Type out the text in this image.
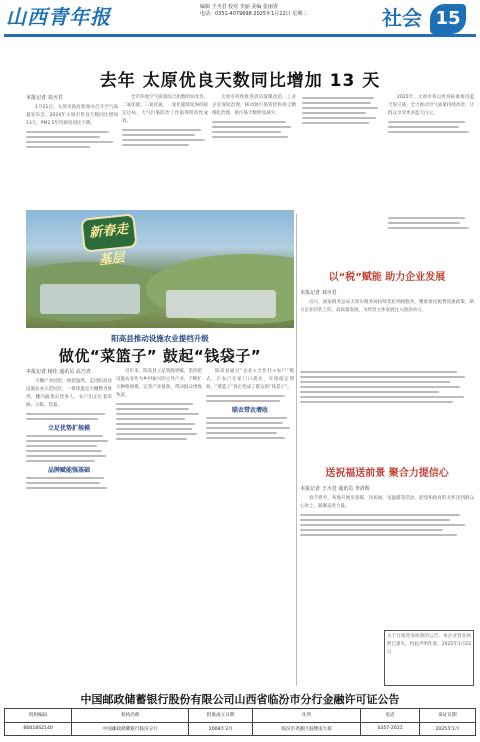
山西青年报	编辑 王丞君 校对 李丽 美编 张丽香
电话：0351-4079698 2025年1月22日 星期三	社会 15
去年 太原优良天数同比增加 13 天
本报记者 刘丞君

1月21日，太原市政府新闻办召开空气质量发布会。2024年太原市优良天数同比增加13天，PM2.5年均浓度同比下降。

全市环境空气质量综合指数明显改善，二氧化硫、二氧化氮、一氧化碳浓度保持稳定达标，大气污染防治工作取得阶段性成效。

太原市持续推进清洁取暖改造、工业企业深度治理、移动源污染管控和扬尘精细化治理，重污染天数明显减少。

2025年，太原市将以更高标准推进蓝天保卫战，全力推动空气质量持续改善，让群众享受更多蓝天白云。

新春走基层
阳高县推动设施农业提档升级
做优“菜篮子” 鼓起“钱袋子”
本报记者 杨佳 通讯员 高乃青

大棚产业园里，绿意盎然。走进阳高县设施农业示范园区，一排排温室大棚整齐排列，棚内蔬菜长势喜人，农户们正忙着采摘、分拣、装箱。

立足优势扩规模
品牌赋能强基础

近年来，阳高县立足资源禀赋，坚持把设施农业作为乡村振兴的主导产业，不断扩大种植规模，完善产业链条，带动群众增收致富。

阳高县通过“企业+合作社+农户”模式，让农户在家门口就业，实现稳定增收，“菜篮子”真正变成了群众的“钱袋子”。

联农带农增收
以“税”赋能 助力企业发展
本报记者 刘丞君

近日，国家税务总局太原市税务局持续优化纳税服务，精准推送税费优惠政策，助力企业轻装上阵、高质量发展，为经营主体发展注入强劲动力。

送祝福送前景 聚合力提信心
本报记者 王丞君 通讯员 李清晖

春节将至，各地开展送春联、送祝福、送温暖等活动，把党和政府的关怀送到群众心坎上，凝聚奋进力量。

关于注销营业执照的公告：本企业营业执照已遗失，特此声明作废。2025年1月22日

中国邮政储蓄银行股份有限公司山西省临汾市分行金融许可证公告
机构编码	机构名称	批准成立日期	住所	电话	发证日期
B0018S2140	中国邮政储蓄银行临汾分行	2008年3月	临汾市尧都区鼓楼南大街	0357-2021	2025年1月
